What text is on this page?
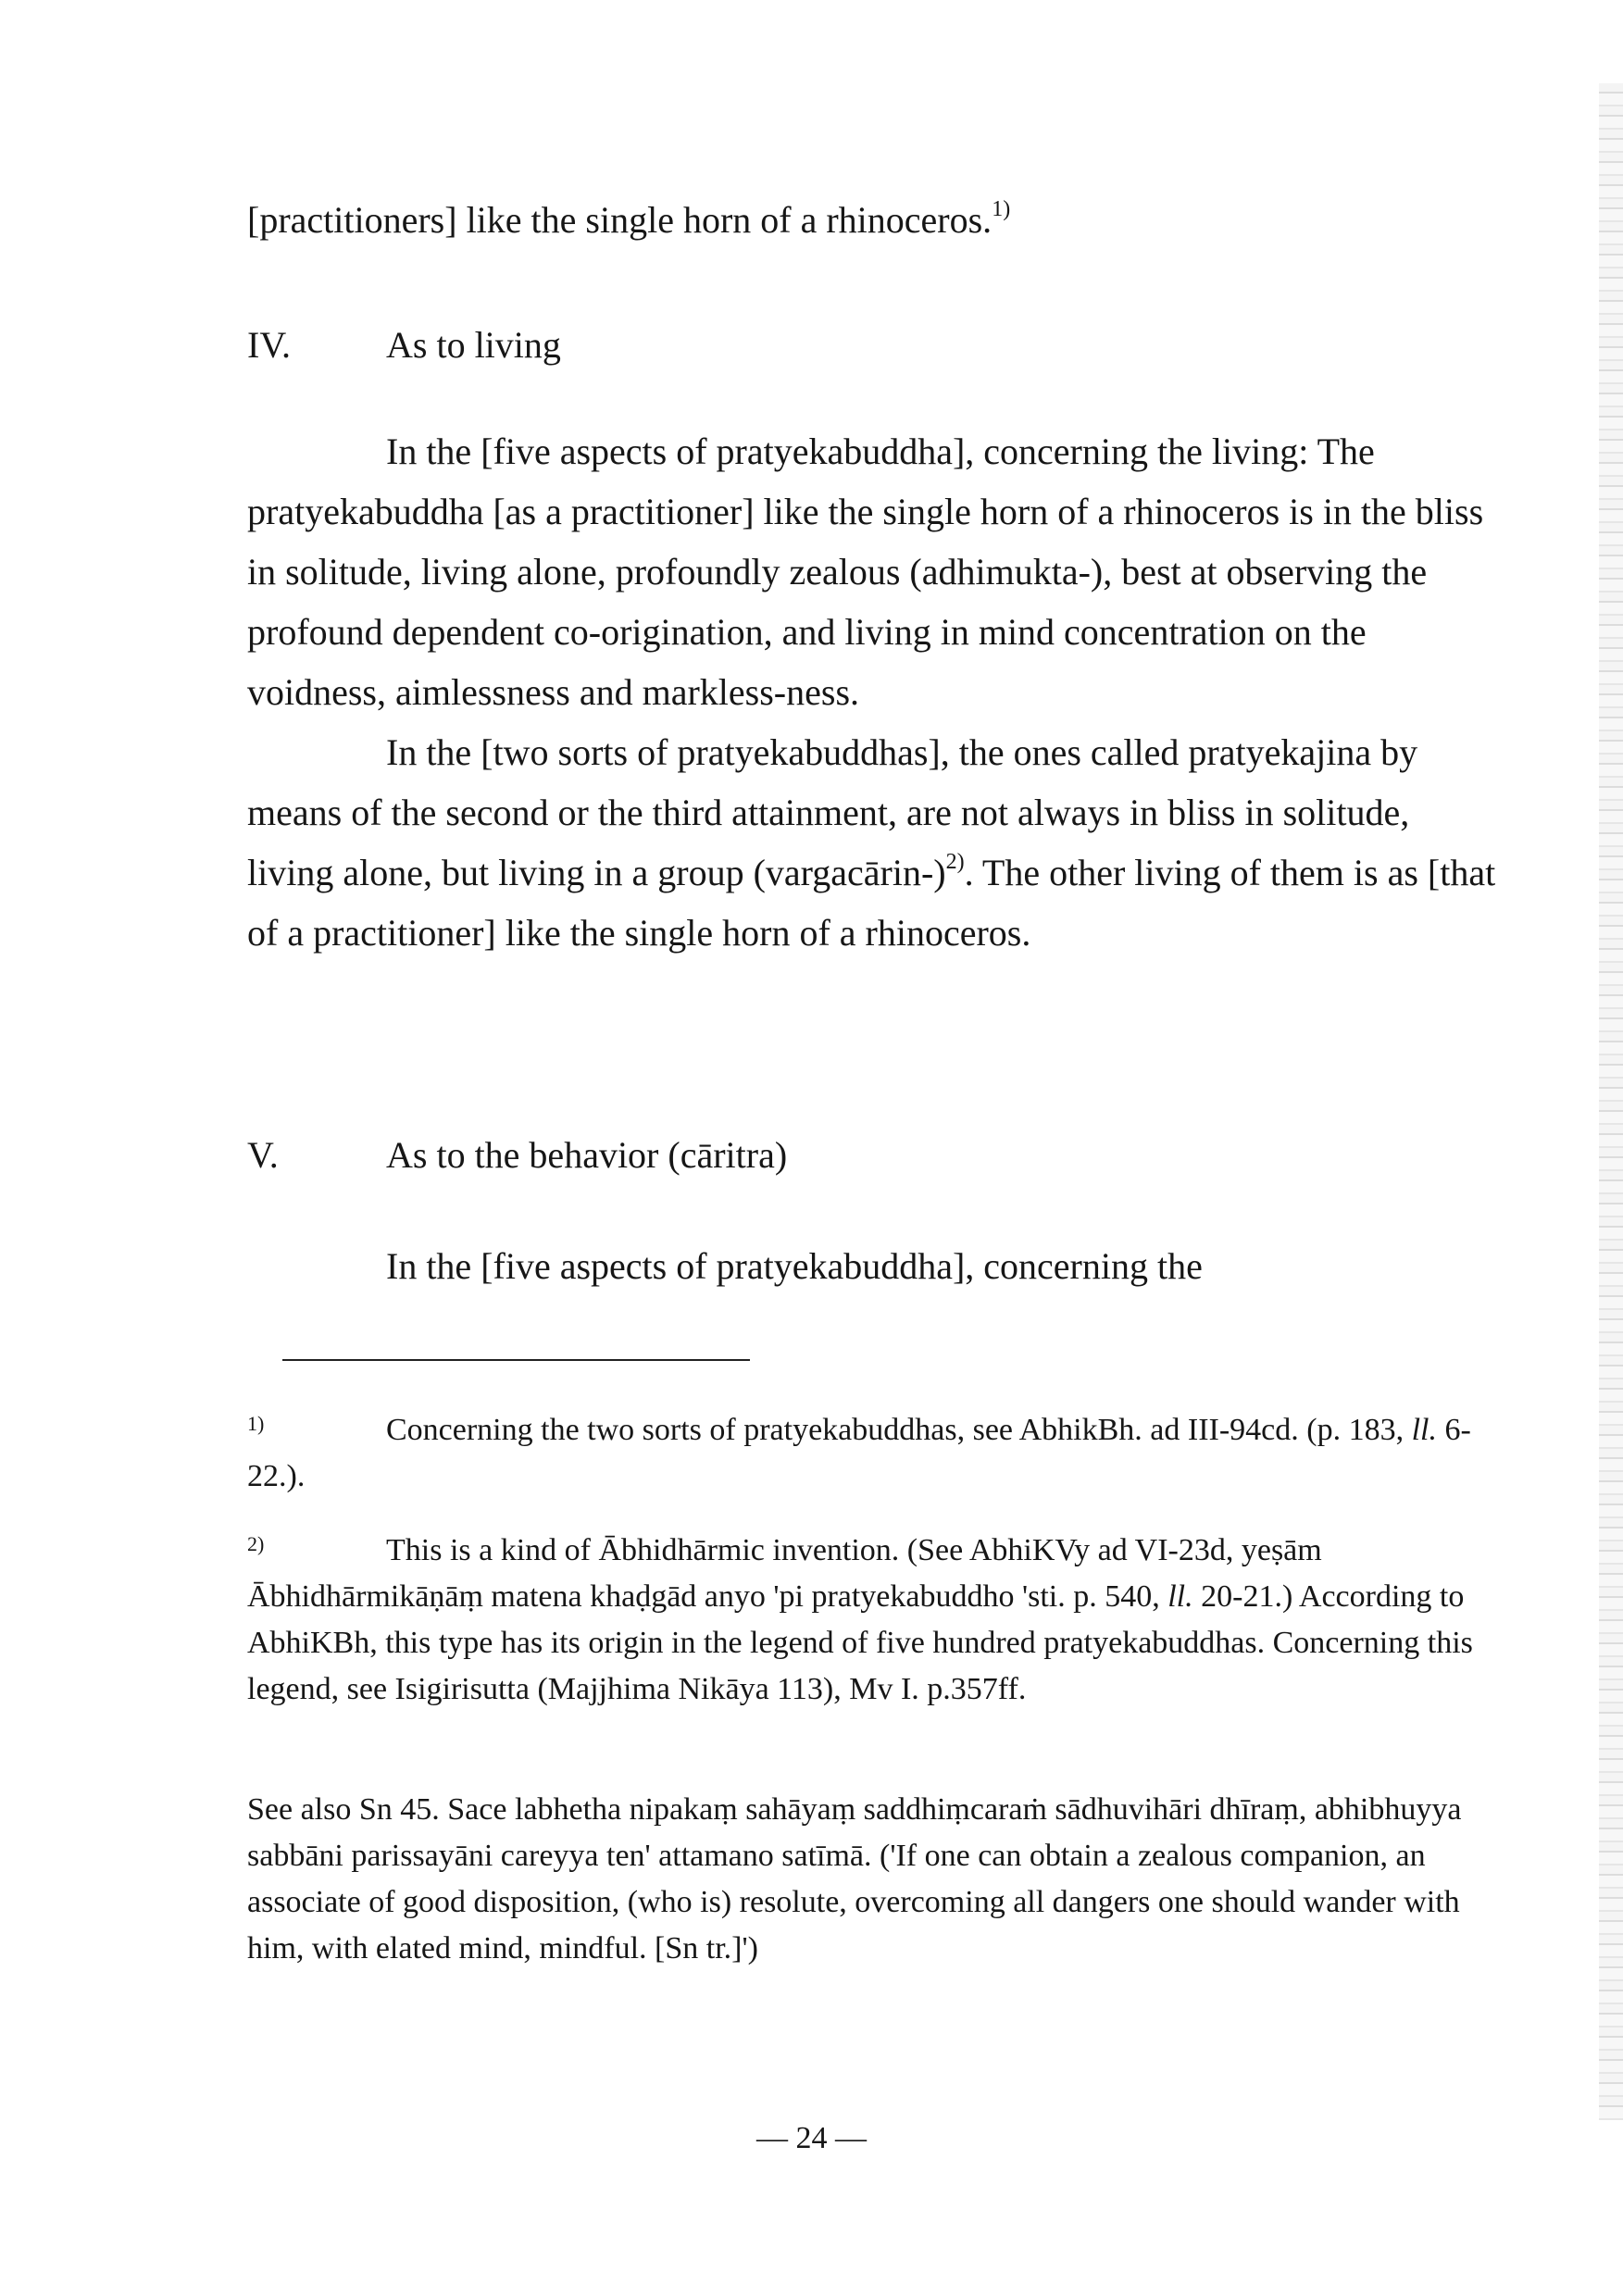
[practitioners] like the single horn of a rhinoceros.$^{1)}$

IV.	As to living

In the [five aspects of pratyekabuddha], concerning the living: The pratyekabuddha [as a practitioner] like the single horn of a rhinoceros is in the bliss in solitude, living alone, profoundly zealous (adhimukta-), best at observing the profound dependent co-origination, and living in mind concentration on the voidness, aimlessness and markless-ness.

In the [two sorts of pratyekabuddhas], the ones called pratyekajina by means of the second or the third attainment, are not always in bliss in solitude, living alone, but living in a group (vargacārin-)$^{2)}$. The other living of them is as [that of a practitioner] like the single horn of a rhinoceros.

V.	As to the behavior (cāritra)

In the [five aspects of pratyekabuddha], concerning the

1)	Concerning the two sorts of pratyekabuddhas, see AbhikBh. ad III-94cd. (p. 183, ll. 6-22.).

2)	This is a kind of Ābhidhārmic invention. (See AbhiKVy ad VI-23d, yeṣām Ābhidhārmikāṇāṃ matena khaḍgād anyo 'pi pratyekabuddho 'sti. p. 540, ll. 20-21.) According to AbhiKBh, this type has its origin in the legend of five hundred pratyekabuddhas. Concerning this legend, see Isigirisutta (Majjhima Nikāya 113), Mv I. p.357ff.

See also Sn 45. Sace labhetha nipakaṃ sahāyaṃ saddhiṃcaraṁ sādhuvihāri dhīraṃ, abhibhuyya sabbāni parissayāni careyya ten' attamano satīmā. ('If one can obtain a zealous companion, an associate of good disposition, (who is) resolute, overcoming all dangers one should wander with him, with elated mind, mindful. [Sn tr.]')

— 24 —
